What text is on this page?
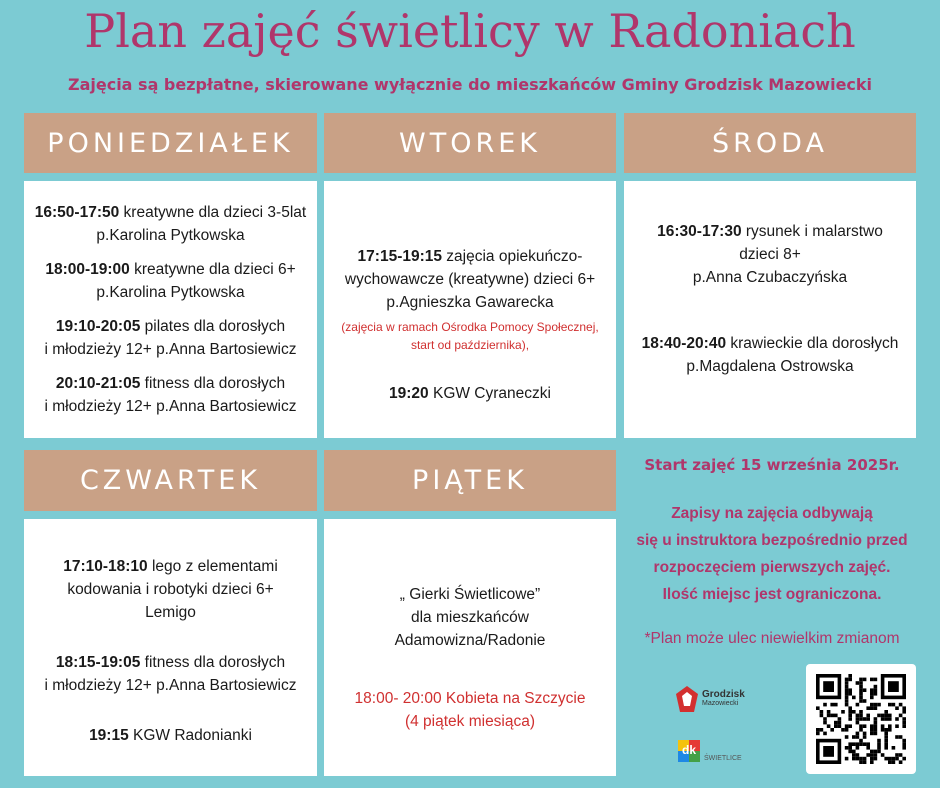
Plan zajęć świetlicy w Radoniach
Zajęcia są bezpłatne, skierowane wyłącznie do mieszkańców Gminy Grodzisk Mazowiecki
PONIEDZIAŁEK	WTOREK	ŚRODA
CZWARTEK	PIĄTEK

16:50-17:50 kreatywne dla dzieci 3-5lat
p.Karolina Pytkowska

18:00-19:00 kreatywne dla dzieci 6+
p.Karolina Pytkowska

19:10-20:05 pilates dla dorosłych
i młodzieży 12+ p.Anna Bartosiewicz

20:10-21:05 fitness dla dorosłych
i młodzieży 12+ p.Anna Bartosiewicz

17:15-19:15 zajęcia opiekuńczo-
wychowawcze (kreatywne) dzieci 6+
p.Agnieszka Gawarecka

(zajęcia w ramach Ośrodka Pomocy Społecznej,
start od października),

19:20 KGW Cyraneczki

16:30-17:30 rysunek i malarstwo
dzieci 8+
p.Anna Czubaczyńska

18:40-20:40 krawieckie dla dorosłych
p.Magdalena Ostrowska

17:10-18:10 lego z elementami
kodowania i robotyki dzieci 6+
Lemigo

18:15-19:05 fitness dla dorosłych
i młodzieży 12+ p.Anna Bartosiewicz

19:15 KGW Radonianki

„ Gierki Świetlicowe”
dla mieszkańców
Adamowizna/Radonie

18:00- 20:00 Kobieta na Szczycie
(4 piątek miesiąca)

Start zajęć 15 września 2025r.
Zapisy na zajęcia odbywają
się u instruktora bezpośrednio przed
rozpoczęciem pierwszych zajęć.
Ilość miejsc jest ograniczona.
*Plan może ulec niewielkim zmianom
Grodzisk
Mazowiecki
dk
ŚWIETLICE
